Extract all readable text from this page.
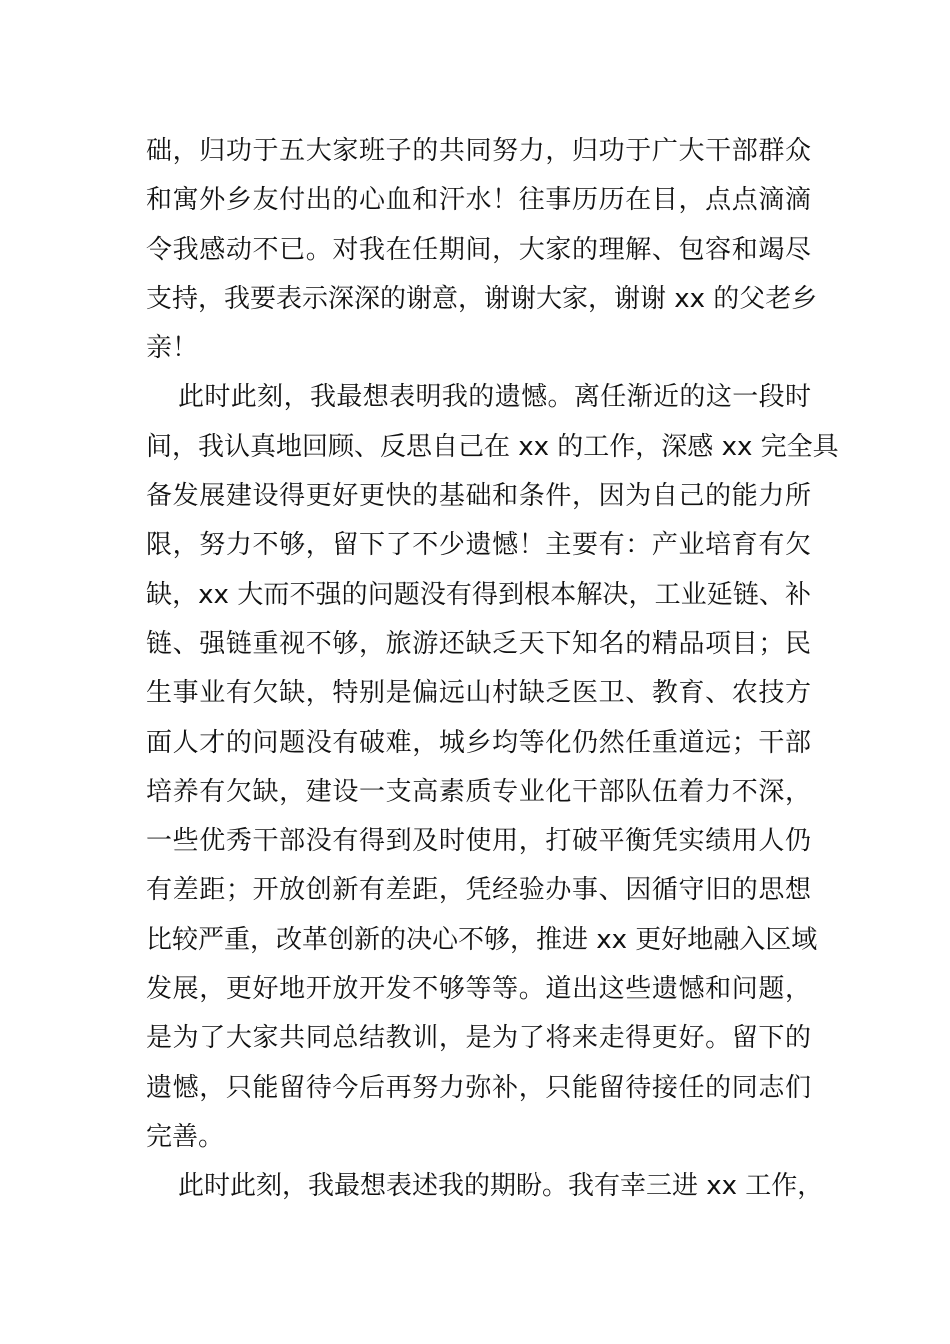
础，归功于五大家班子的共同努力，归功于广大干部群众
和寓外乡友付出的心血和汗水！往事历历在目，点点滴滴
令我感动不已。对我在任期间，大家的理解、包容和竭尽
支持，我要表示深深的谢意，谢谢大家，谢谢 xx 的父老乡
亲！
此时此刻，我最想表明我的遗憾。离任渐近的这一段时
间，我认真地回顾、反思自己在 xx 的工作，深感 xx 完全具
备发展建设得更好更快的基础和条件，因为自己的能力所
限，努力不够，留下了不少遗憾！主要有：产业培育有欠
缺，xx 大而不强的问题没有得到根本解决，工业延链、补
链、强链重视不够，旅游还缺乏天下知名的精品项目；民
生事业有欠缺，特别是偏远山村缺乏医卫、教育、农技方
面人才的问题没有破难，城乡均等化仍然任重道远；干部
培养有欠缺，建设一支高素质专业化干部队伍着力不深，
一些优秀干部没有得到及时使用，打破平衡凭实绩用人仍
有差距；开放创新有差距，凭经验办事、因循守旧的思想
比较严重，改革创新的决心不够，推进 xx 更好地融入区域
发展，更好地开放开发不够等等。道出这些遗憾和问题，
是为了大家共同总结教训，是为了将来走得更好。留下的
遗憾，只能留待今后再努力弥补，只能留待接任的同志们
完善。
此时此刻，我最想表述我的期盼。我有幸三进 xx 工作，
